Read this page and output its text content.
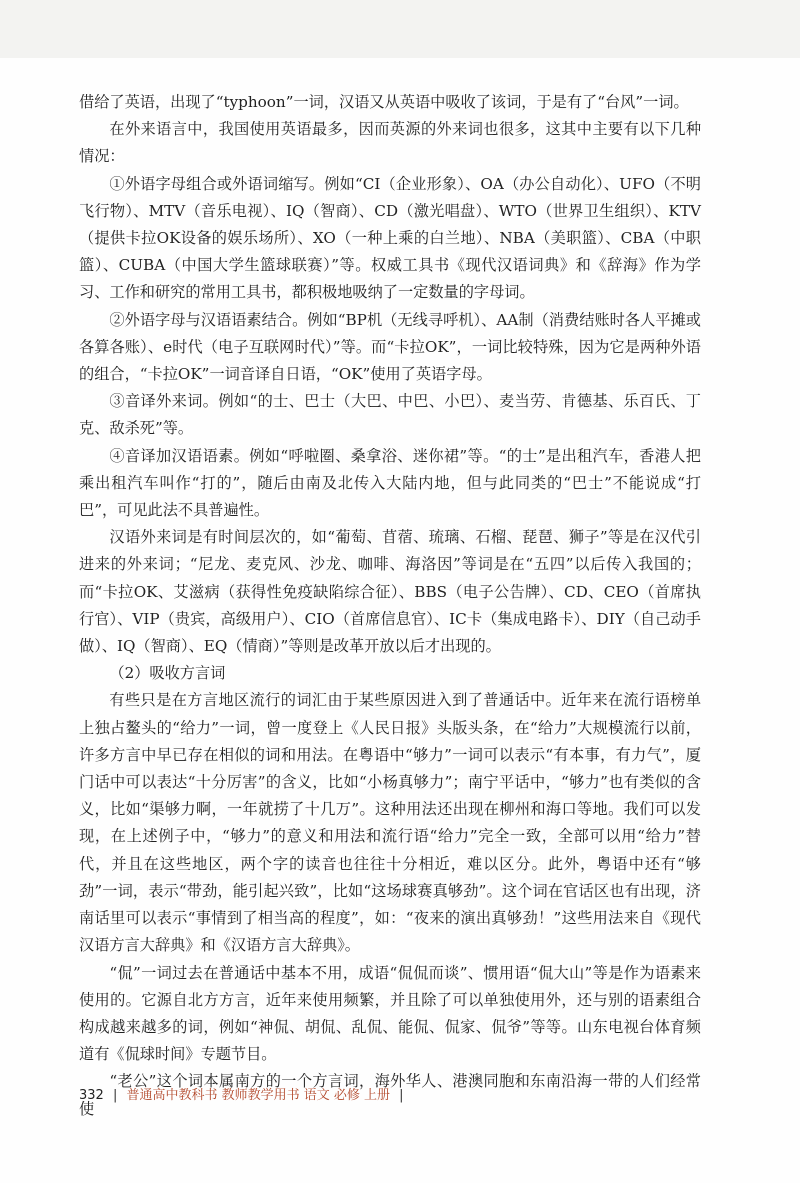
借给了英语，出现了“typhoon”一词，汉语又从英语中吸收了该词，于是有了“台风”一词。

在外来语言中，我国使用英语最多，因而英源的外来词也很多，这其中主要有以下几种情况：

①外语字母组合或外语词缩写。例如“CI（企业形象）、OA（办公自动化）、UFO（不明飞行物）、MTV（音乐电视）、IQ（智商）、CD（激光唱盘）、WTO（世界卫生组织）、KTV（提供卡拉OK设备的娱乐场所）、XO（一种上乘的白兰地）、NBA（美职篮）、CBA（中职篮）、CUBA（中国大学生篮球联赛）”等。权威工具书《现代汉语词典》和《辞海》作为学习、工作和研究的常用工具书，都积极地吸纳了一定数量的字母词。

②外语字母与汉语语素结合。例如“BP机（无线寻呼机）、AA制（消费结账时各人平摊或各算各账）、e时代（电子互联网时代）”等。而“卡拉OK”，一词比较特殊，因为它是两种外语的组合，“卡拉OK”一词音译自日语，“OK”使用了英语字母。

③音译外来词。例如“的士、巴士（大巴、中巴、小巴）、麦当劳、肯德基、乐百氏、丁克、敌杀死”等。

④音译加汉语语素。例如“呼啦圈、桑拿浴、迷你裙”等。“的士”是出租汽车，香港人把乘出租汽车叫作“打的”，随后由南及北传入大陆内地，但与此同类的“巴士”不能说成“打巴”，可见此法不具普遍性。

汉语外来词是有时间层次的，如“葡萄、苜蓿、琉璃、石榴、琵琶、狮子”等是在汉代引进来的外来词；“尼龙、麦克风、沙龙、咖啡、海洛因”等词是在“五四”以后传入我国的；而“卡拉OK、艾滋病（获得性免疫缺陷综合征）、BBS（电子公告牌）、CD、CEO（首席执行官）、VIP（贵宾，高级用户）、CIO（首席信息官）、IC卡（集成电路卡）、DIY（自己动手做）、IQ（智商）、EQ（情商）”等则是改革开放以后才出现的。

（2）吸收方言词

有些只是在方言地区流行的词汇由于某些原因进入到了普通话中。近年来在流行语榜单上独占鳌头的“给力”一词，曾一度登上《人民日报》头版头条，在“给力”大规模流行以前，许多方言中早已存在相似的词和用法。在粤语中“够力”一词可以表示“有本事，有力气”，厦门话中可以表达“十分厉害”的含义，比如“小杨真够力”；南宁平话中，“够力”也有类似的含义，比如“渠够力啊，一年就捞了十几万”。这种用法还出现在柳州和海口等地。我们可以发现，在上述例子中，“够力”的意义和用法和流行语“给力”完全一致，全部可以用“给力”替代，并且在这些地区，两个字的读音也往往十分相近，难以区分。此外，粤语中还有“够劲”一词，表示“带劲，能引起兴致”，比如“这场球赛真够劲”。这个词在官话区也有出现，济南话里可以表示“事情到了相当高的程度”，如：“夜来的演出真够劲！”这些用法来自《现代汉语方言大辞典》和《汉语方言大辞典》。

“侃”一词过去在普通话中基本不用，成语“侃侃而谈”、惯用语“侃大山”等是作为语素来使用的。它源自北方方言，近年来使用频繁，并且除了可以单独使用外，还与别的语素组合构成越来越多的词，例如“神侃、胡侃、乱侃、能侃、侃家、侃爷”等等。山东电视台体育频道有《侃球时间》专题节目。

“老公”这个词本属南方的一个方言词，海外华人、港澳同胞和东南沿海一带的人们经常使

332 | 普通高中教科书 教师教学用书 语文 必修 上册 |
